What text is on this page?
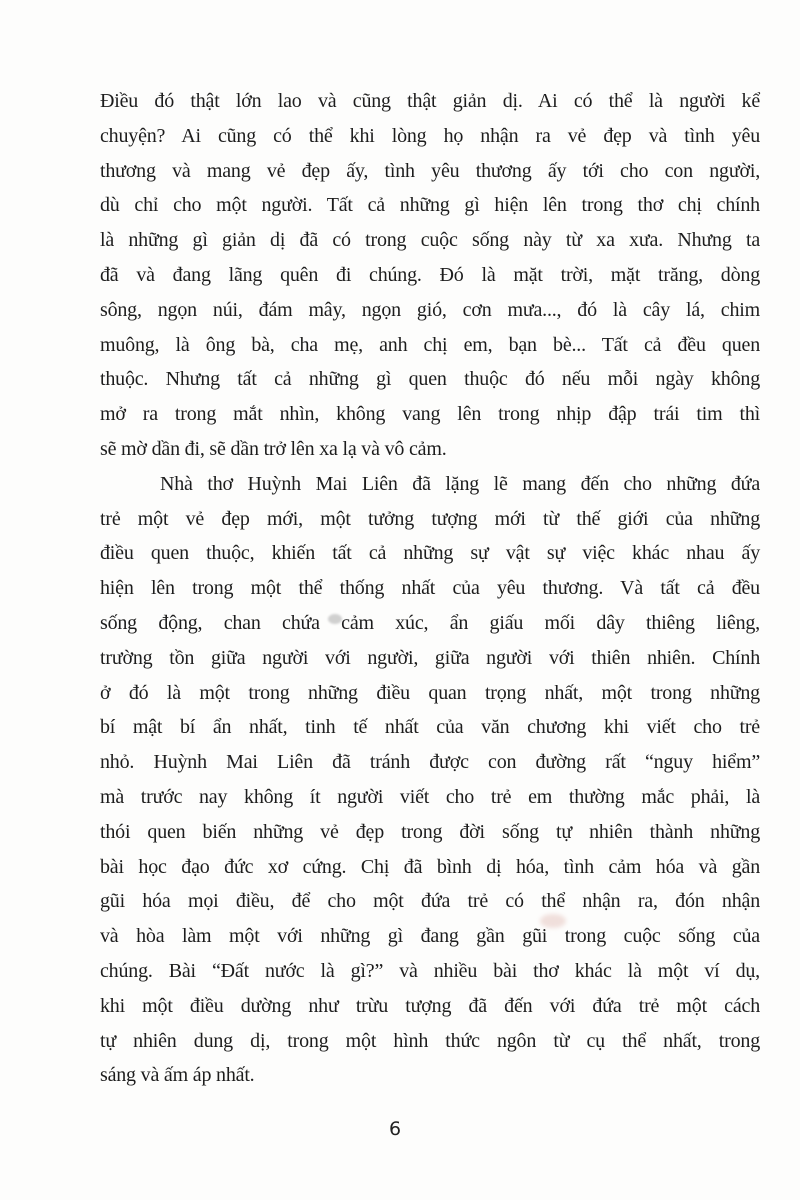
Điều đó thật lớn lao và cũng thật giản dị. Ai có thể là người kể
chuyện? Ai cũng có thể khi lòng họ nhận ra vẻ đẹp và tình yêu
thương và mang vẻ đẹp ấy, tình yêu thương ấy tới cho con người,
dù chỉ cho một người. Tất cả những gì hiện lên trong thơ chị chính
là những gì giản dị đã có trong cuộc sống này từ xa xưa. Nhưng ta
đã và đang lãng quên đi chúng. Đó là mặt trời, mặt trăng, dòng
sông, ngọn núi, đám mây, ngọn gió, cơn mưa..., đó là cây lá, chim
muông, là ông bà, cha mẹ, anh chị em, bạn bè... Tất cả đều quen
thuộc. Nhưng tất cả những gì quen thuộc đó nếu mỗi ngày không
mở ra trong mắt nhìn, không vang lên trong nhịp đập trái tim thì
sẽ mờ dần đi, sẽ dần trở lên xa lạ và vô cảm.
Nhà thơ Huỳnh Mai Liên đã lặng lẽ mang đến cho những đứa
trẻ một vẻ đẹp mới, một tưởng tượng mới từ thế giới của những
điều quen thuộc, khiến tất cả những sự vật sự việc khác nhau ấy
hiện lên trong một thể thống nhất của yêu thương. Và tất cả đều
sống động, chan chứa cảm xúc, ẩn giấu mối dây thiêng liêng,
trường tồn giữa người với người, giữa người với thiên nhiên. Chính
ở đó là một trong những điều quan trọng nhất, một trong những
bí mật bí ẩn nhất, tinh tế nhất của văn chương khi viết cho trẻ
nhỏ. Huỳnh Mai Liên đã tránh được con đường rất “nguy hiểm”
mà trước nay không ít người viết cho trẻ em thường mắc phải, là
thói quen biến những vẻ đẹp trong đời sống tự nhiên thành những
bài học đạo đức xơ cứng. Chị đã bình dị hóa, tình cảm hóa và gần
gũi hóa mọi điều, để cho một đứa trẻ có thể nhận ra, đón nhận
và hòa làm một với những gì đang gần gũi trong cuộc sống của
chúng. Bài “Đất nước là gì?” và nhiều bài thơ khác là một ví dụ,
khi một điều dường như trừu tượng đã đến với đứa trẻ một cách
tự nhiên dung dị, trong một hình thức ngôn từ cụ thể nhất, trong
sáng và ấm áp nhất.
6
